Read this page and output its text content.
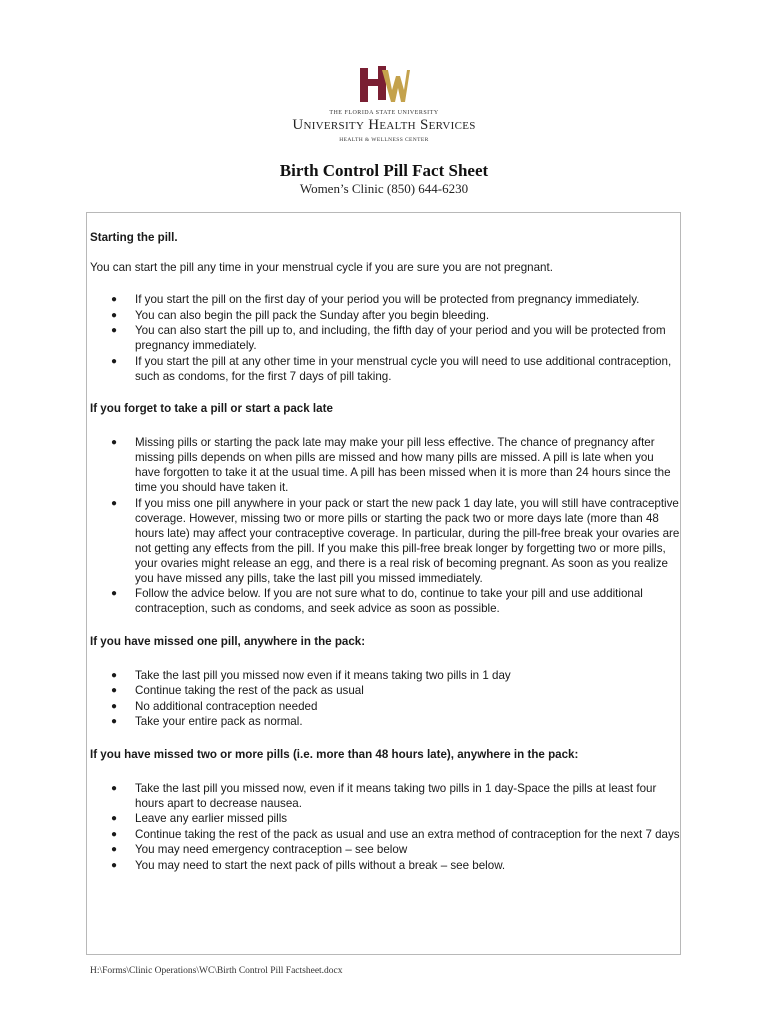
THE FLORIDA STATE UNIVERSITY
University Health Services
HEALTH & WELLNESS CENTER
Birth Control Pill Fact Sheet
Women’s Clinic (850) 644-6230
Starting the pill.
You can start the pill any time in your menstrual cycle if you are sure you are not pregnant.
● If you start the pill on the first day of your period you will be protected from pregnancy immediately.
● You can also begin the pill pack the Sunday after you begin bleeding.
● You can also start the pill up to, and including, the fifth day of your period and you will be protected from pregnancy immediately.
● If you start the pill at any other time in your menstrual cycle you will need to use additional contraception, such as condoms, for the first 7 days of pill taking.
If you forget to take a pill or start a pack late
● Missing pills or starting the pack late may make your pill less effective. The chance of pregnancy after missing pills depends on when pills are missed and how many pills are missed. A pill is late when you have forgotten to take it at the usual time. A pill has been missed when it is more than 24 hours since the time you should have taken it.
● If you miss one pill anywhere in your pack or start the new pack 1 day late, you will still have contraceptive coverage. However, missing two or more pills or starting the pack two or more days late (more than 48 hours late) may affect your contraceptive coverage. In particular, during the pill-free break your ovaries are not getting any effects from the pill. If you make this pill-free break longer by forgetting two or more pills, your ovaries might release an egg, and there is a real risk of becoming pregnant. As soon as you realize you have missed any pills, take the last pill you missed immediately.
● Follow the advice below. If you are not sure what to do, continue to take your pill and use additional contraception, such as condoms, and seek advice as soon as possible.
If you have missed one pill, anywhere in the pack:
● Take the last pill you missed now even if it means taking two pills in 1 day
● Continue taking the rest of the pack as usual
● No additional contraception needed
● Take your entire pack as normal.
If you have missed two or more pills (i.e. more than 48 hours late), anywhere in the pack:
● Take the last pill you missed now, even if it means taking two pills in 1 day-Space the pills at least four hours apart to decrease nausea.
● Leave any earlier missed pills
● Continue taking the rest of the pack as usual and use an extra method of contraception for the next 7 days
● You may need emergency contraception – see below
● You may need to start the next pack of pills without a break – see below.
H:\Forms\Clinic Operations\WC\Birth Control Pill Factsheet.docx
